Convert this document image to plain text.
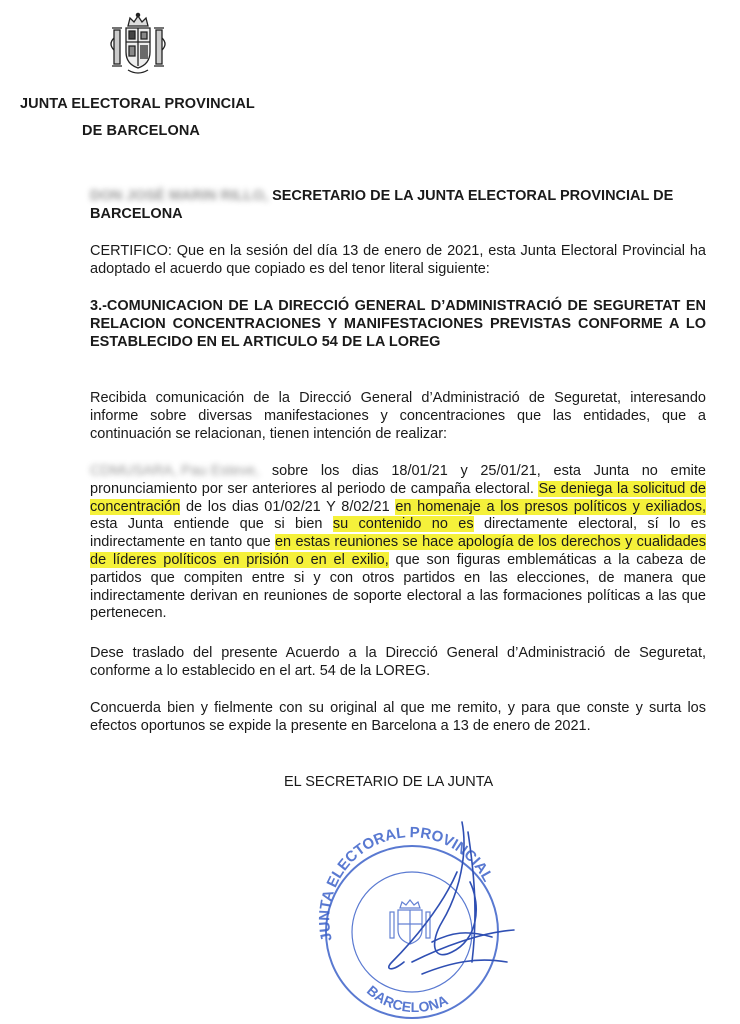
JUNTA ELECTORAL PROVINCIAL
DE BARCELONA
DON JOSÉ MARIN RILLO, SECRETARIO DE LA JUNTA ELECTORAL PROVINCIAL DE BARCELONA
CERTIFICO: Que en la sesión del día 13 de enero de 2021, esta Junta Electoral Provincial ha adoptado el acuerdo que copiado es del tenor literal siguiente:
3.-COMUNICACION DE LA DIRECCIÓ GENERAL D’ADMINISTRACIÓ DE SEGURETAT EN RELACION CONCENTRACIONES Y MANIFESTACIONES PREVISTAS CONFORME A LO ESTABLECIDO EN EL ARTICULO 54 DE LA LOREG
Recibida comunicación de la Direcció General d’Administració de Seguretat, interesando informe sobre diversas manifestaciones y concentraciones que las entidades, que a continuación se relacionan, tienen intención de realizar:
CDMUSARA, Pau Esteve, sobre los dias 18/01/21 y 25/01/21, esta Junta no emite pronunciamiento por ser anteriores al periodo de campaña electoral. Se deniega la solicitud de concentración de los dias 01/02/21 Y 8/02/21 en homenaje a los presos políticos y exiliados, esta Junta entiende que si bien su contenido no es directamente electoral, sí lo es indirectamente en tanto que en estas reuniones se hace apología de los derechos y cualidades de líderes políticos en prisión o en el exilio, que son figuras emblemáticas a la cabeza de partidos que compiten entre si y con otros partidos en las elecciones, de manera que indirectamente derivan en reuniones de soporte electoral a las formaciones políticas a las que pertenecen.
Dese traslado del presente Acuerdo a la Direcció General d’Administració de Seguretat, conforme a lo establecido en el art. 54 de la LOREG.
Concuerda bien y fielmente con su original al que me remito, y para que conste y surta los efectos oportunos se expide la presente en Barcelona a 13 de enero de 2021.
EL SECRETARIO DE LA JUNTA
JUNTA ELECTORAL PROVINCIAL
BARCELONA
